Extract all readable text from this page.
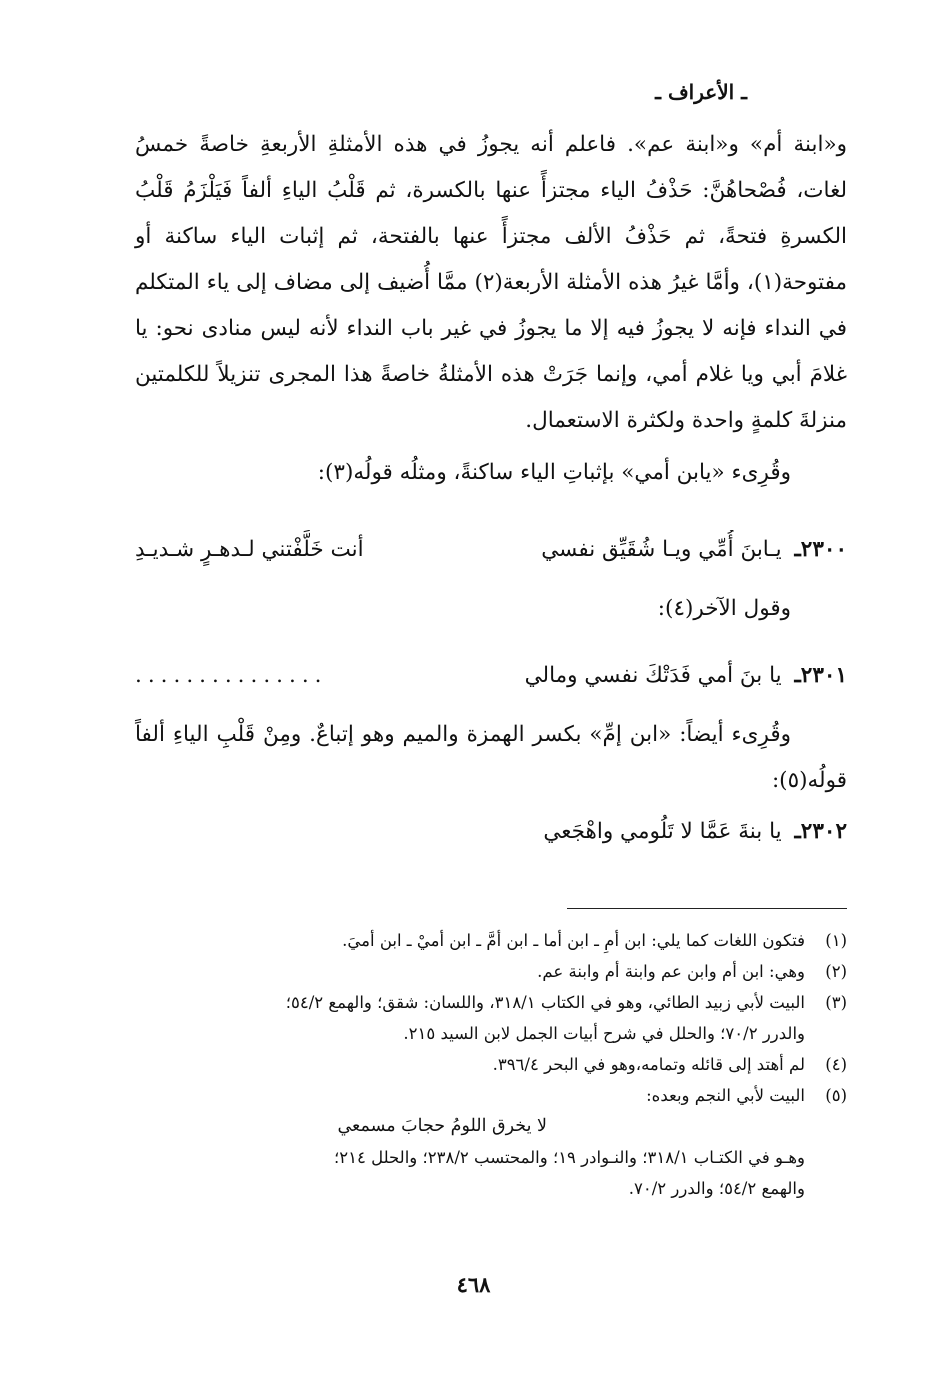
ـ الأعراف ـ

و«ابنة أم» و«ابنة عم». فاعلم أنه يجوزُ في هذه الأمثلةِ الأربعةِ خاصةً خمسُ لغات، فُصْحاهُنَّ: حَذْفُ الياء مجتزأً عنها بالكسرة، ثم قَلْبُ الياءِ ألفاً فَيَلْزَمُ قَلْبُ الكسرةِ فتحةً، ثم حَذْفُ الألف مجتزأً عنها بالفتحة، ثم إثبات الياء ساكنة أو مفتوحة(١)، وأمَّا غيرُ هذه الأمثلة الأربعة(٢) ممَّا أُضيف إلى مضاف إلى ياء المتكلم في النداء فإنه لا يجوزُ فيه إلا ما يجوزُ في غير باب النداء لأنه ليس منادى نحو: يا غلامَ أبي ويا غلام أمي، وإنما جَرَتْ هذه الأمثلةُ خاصةً هذا المجرى تنزيلاً للكلمتين منزلةَ كلمةٍ واحدة ولكثرة الاستعمال.

وقُرِىء «يابن أمي» بإثباتِ الياء ساكنةً، ومثلُه قولُه(٣):

٢٣٠٠ـ يـابنَ أُمِّي ويـا شُقَيِّق نفسي
أنت خَلَّفْتني لـدهـرٍ شـديـدِ
وقول الآخر(٤):
٢٣٠١ـ يا بنَ أمي فَدَتْكَ نفسي ومالي
...............
وقُرِىء أيضاً: «ابن إمِّ» بكسر الهمزة والميم وهو إتباعٌ. ومِنْ قَلْبِ الياءِ ألفاً قولُه(٥):
٢٣٠٢ـ يا بنةَ عَمَّا لا تَلُومي واهْجَعي
(١)
فتكون اللغات كما يلي: ابن أمِ ـ ابن أما ـ ابن أمَّ ـ ابن أميْ ـ ابن أميَ.
(٢)
وهي: ابن أم وابن عم وابنة أم وابنة عم.
(٣)
البيت لأبي زبيد الطائي، وهو في الكتاب ٣١٨/١، واللسان: شقق؛ والهمع ٥٤/٢؛
والدرر ٧٠/٢؛ والحلل في شرح أبيات الجمل لابن السيد ٢١٥.
(٤)
لم أهتد إلى قائله وتمامه،وهو في البحر ٣٩٦/٤.
(٥)
البيت لأبي النجم وبعده:
لا يخرق اللومُ حجابَ مسمعي
وهـو في الكتـاب ٣١٨/١؛ والنـوادر ١٩؛ والمحتسب ٢٣٨/٢؛ والحلل ٢١٤؛
والهمع ٥٤/٢؛ والدرر ٧٠/٢.
٤٦٨
